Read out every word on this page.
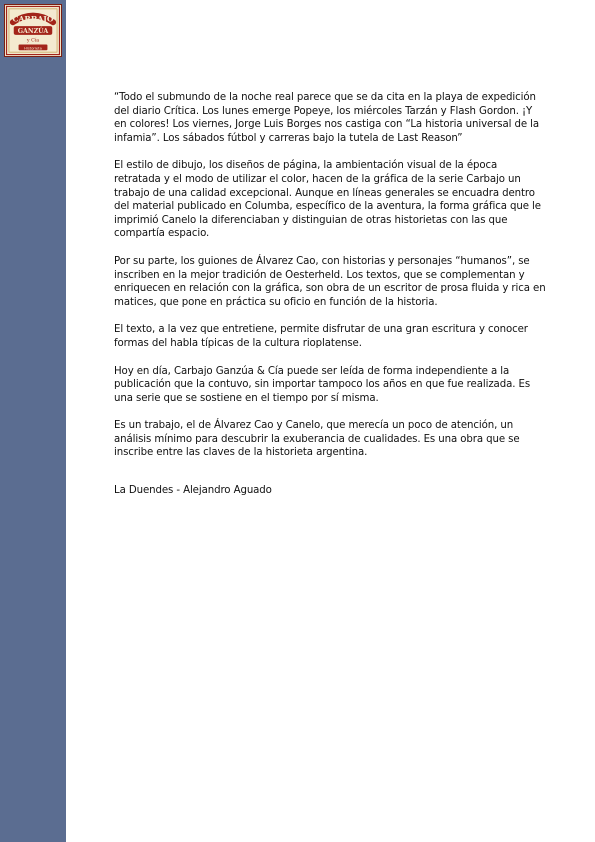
CARBAJO
GANZÚA
y Cía
Historieta

“Todo el submundo de la noche real parece que se da cita en la playa de expedición del diario Crítica. Los lunes emerge Popeye, los miércoles Tarzán y Flash Gordon. ¡Y en colores! Los viernes, Jorge Luis Borges nos castiga con “La historia universal de la infamia”. Los sábados fútbol y carreras bajo la tutela de Last Reason”

El estilo de dibujo, los diseños de página, la ambientación visual de la época retratada y el modo de utilizar el color, hacen de la gráfica de la serie Carbajo un trabajo de una calidad excepcional. Aunque en líneas generales se encuadra dentro del material publicado en Columba, específico de la aventura, la forma gráfica que le imprimió Canelo la diferenciaban y distinguian de otras historietas con las que compartía espacio.

Por su parte, los guiones de Álvarez Cao, con historias y personajes “humanos”, se inscriben en la mejor tradición de Oesterheld. Los textos, que se complementan y enriquecen en relación con la gráfica, son obra de un escritor de prosa fluida y rica en matices, que pone en práctica su oficio en función de la historia.

El texto, a la vez que entretiene, permite disfrutar de una gran escritura y conocer formas del habla típicas de la cultura rioplatense.

Hoy en día, Carbajo Ganzúa & Cía puede ser leída de forma independiente a la publicación que la contuvo, sin importar tampoco los años en que fue realizada. Es una serie que se sostiene en el tiempo por sí misma.

Es un trabajo, el de Álvarez Cao y Canelo, que merecía un poco de atención, un análisis mínimo para descubrir la exuberancia de cualidades. Es una obra que se inscribe entre las claves de la historieta argentina.

La Duendes - Alejandro Aguado
